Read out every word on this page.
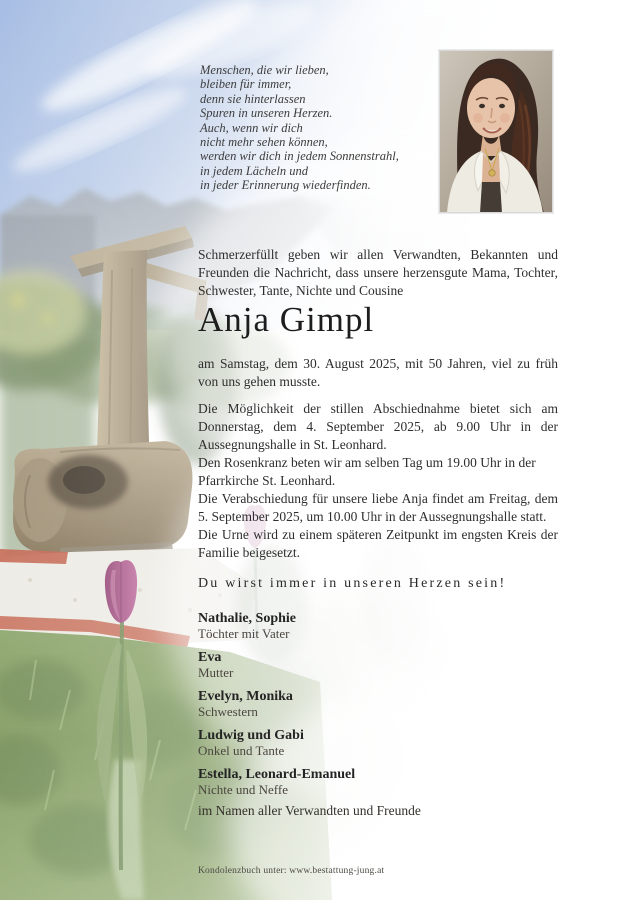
Menschen, die wir lieben,
bleiben für immer,
denn sie hinterlassen
Spuren in unseren Herzen.
Auch, wenn wir dich
nicht mehr sehen können,
werden wir dich in jedem Sonnenstrahl,
in jedem Lächeln und
in jeder Erinnerung wiederfinden.
Schmerzerfüllt geben wir allen Verwandten, Bekannten und Freunden die Nachricht, dass unsere herzensgute Mama, Tochter, Schwester, Tante, Nichte und Cousine
Anja Gimpl
am Samstag, dem 30. August 2025, mit 50 Jahren, viel zu früh von uns gehen musste.

Die Möglichkeit der stillen Abschiednahme bietet sich am Donnerstag, dem 4. September 2025, ab 9.00 Uhr in der Aussegnungshalle in St. Leonhard.

Den Rosenkranz beten wir am selben Tag um 19.00 Uhr in der
Pfarrkirche St. Leonhard.

Die Verabschiedung für unsere liebe Anja findet am Freitag, dem 5. September 2025, um 10.00 Uhr in der Aussegnungshalle statt.

Die Urne wird zu einem späteren Zeitpunkt im engsten Kreis der Familie beigesetzt.

Du wirst immer in unseren Herzen sein!
Nathalie, Sophie
Töchter mit Vater
Eva
Mutter
Evelyn, Monika
Schwestern
Ludwig und Gabi
Onkel und Tante
Estella, Leonard-Emanuel
Nichte und Neffe
im Namen aller Verwandten und Freunde
Kondolenzbuch unter: www.bestattung-jung.at
